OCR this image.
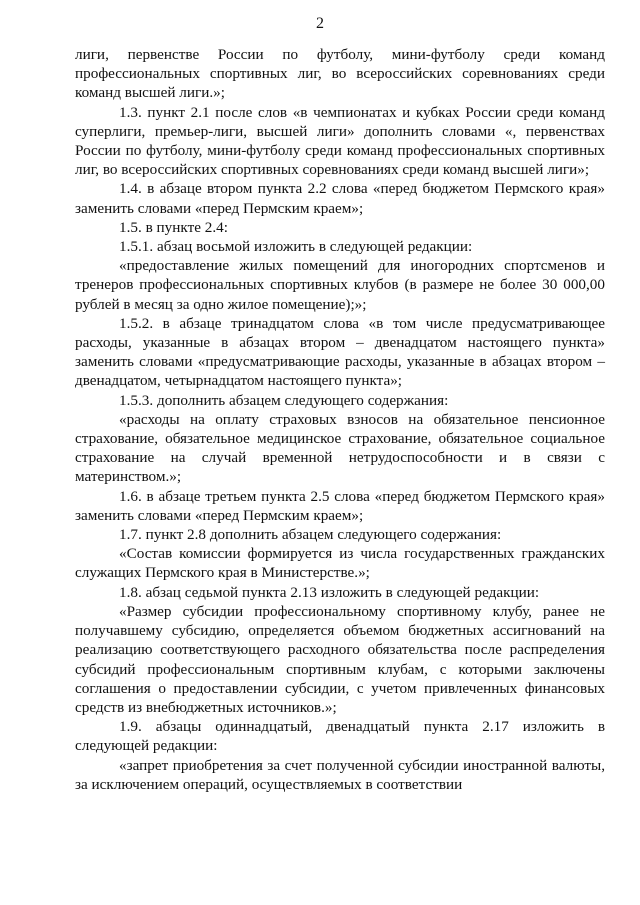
2

лиги, первенстве России по футболу, мини-футболу среди команд профессиональных спортивных лиг, во всероссийских соревнованиях среди команд высшей лиги.»;

1.3. пункт 2.1 после слов «в чемпионатах и кубках России среди команд суперлиги, премьер-лиги, высшей лиги» дополнить словами «, первенствах России по футболу, мини-футболу среди команд профессиональных спортивных лиг, во всероссийских спортивных соревнованиях среди команд высшей лиги»;

1.4. в абзаце втором пункта 2.2 слова «перед бюджетом Пермского края» заменить словами «перед Пермским краем»;

1.5. в пункте 2.4:

1.5.1. абзац восьмой изложить в следующей редакции:

«предоставление жилых помещений для иногородних спортсменов и тренеров профессиональных спортивных клубов (в размере не более 30 000,00 рублей в месяц за одно жилое помещение);»;

1.5.2. в абзаце тринадцатом слова «в том числе предусматривающее расходы, указанные в абзацах втором – двенадцатом настоящего пункта» заменить словами «предусматривающие расходы, указанные в абзацах втором – двенадцатом, четырнадцатом настоящего пункта»;

1.5.3. дополнить абзацем следующего содержания:

«расходы на оплату страховых взносов на обязательное пенсионное страхование, обязательное медицинское страхование, обязательное социальное страхование на случай временной нетрудоспособности и в связи с материнством.»;

1.6. в абзаце третьем пункта 2.5 слова «перед бюджетом Пермского края» заменить словами «перед Пермским краем»;

1.7. пункт 2.8 дополнить абзацем следующего содержания:

«Состав комиссии формируется из числа государственных гражданских служащих Пермского края в Министерстве.»;

1.8. абзац седьмой пункта 2.13 изложить в следующей редакции:

«Размер субсидии профессиональному спортивному клубу, ранее не получавшему субсидию, определяется объемом бюджетных ассигнований на реализацию соответствующего расходного обязательства после распределения субсидий профессиональным спортивным клубам, с которыми заключены соглашения о предоставлении субсидии, с учетом привлеченных финансовых средств из внебюджетных источников.»;

1.9. абзацы одиннадцатый, двенадцатый пункта 2.17 изложить в следующей редакции:

«запрет приобретения за счет полученной субсидии иностранной валюты, за исключением операций, осуществляемых в соответствии
